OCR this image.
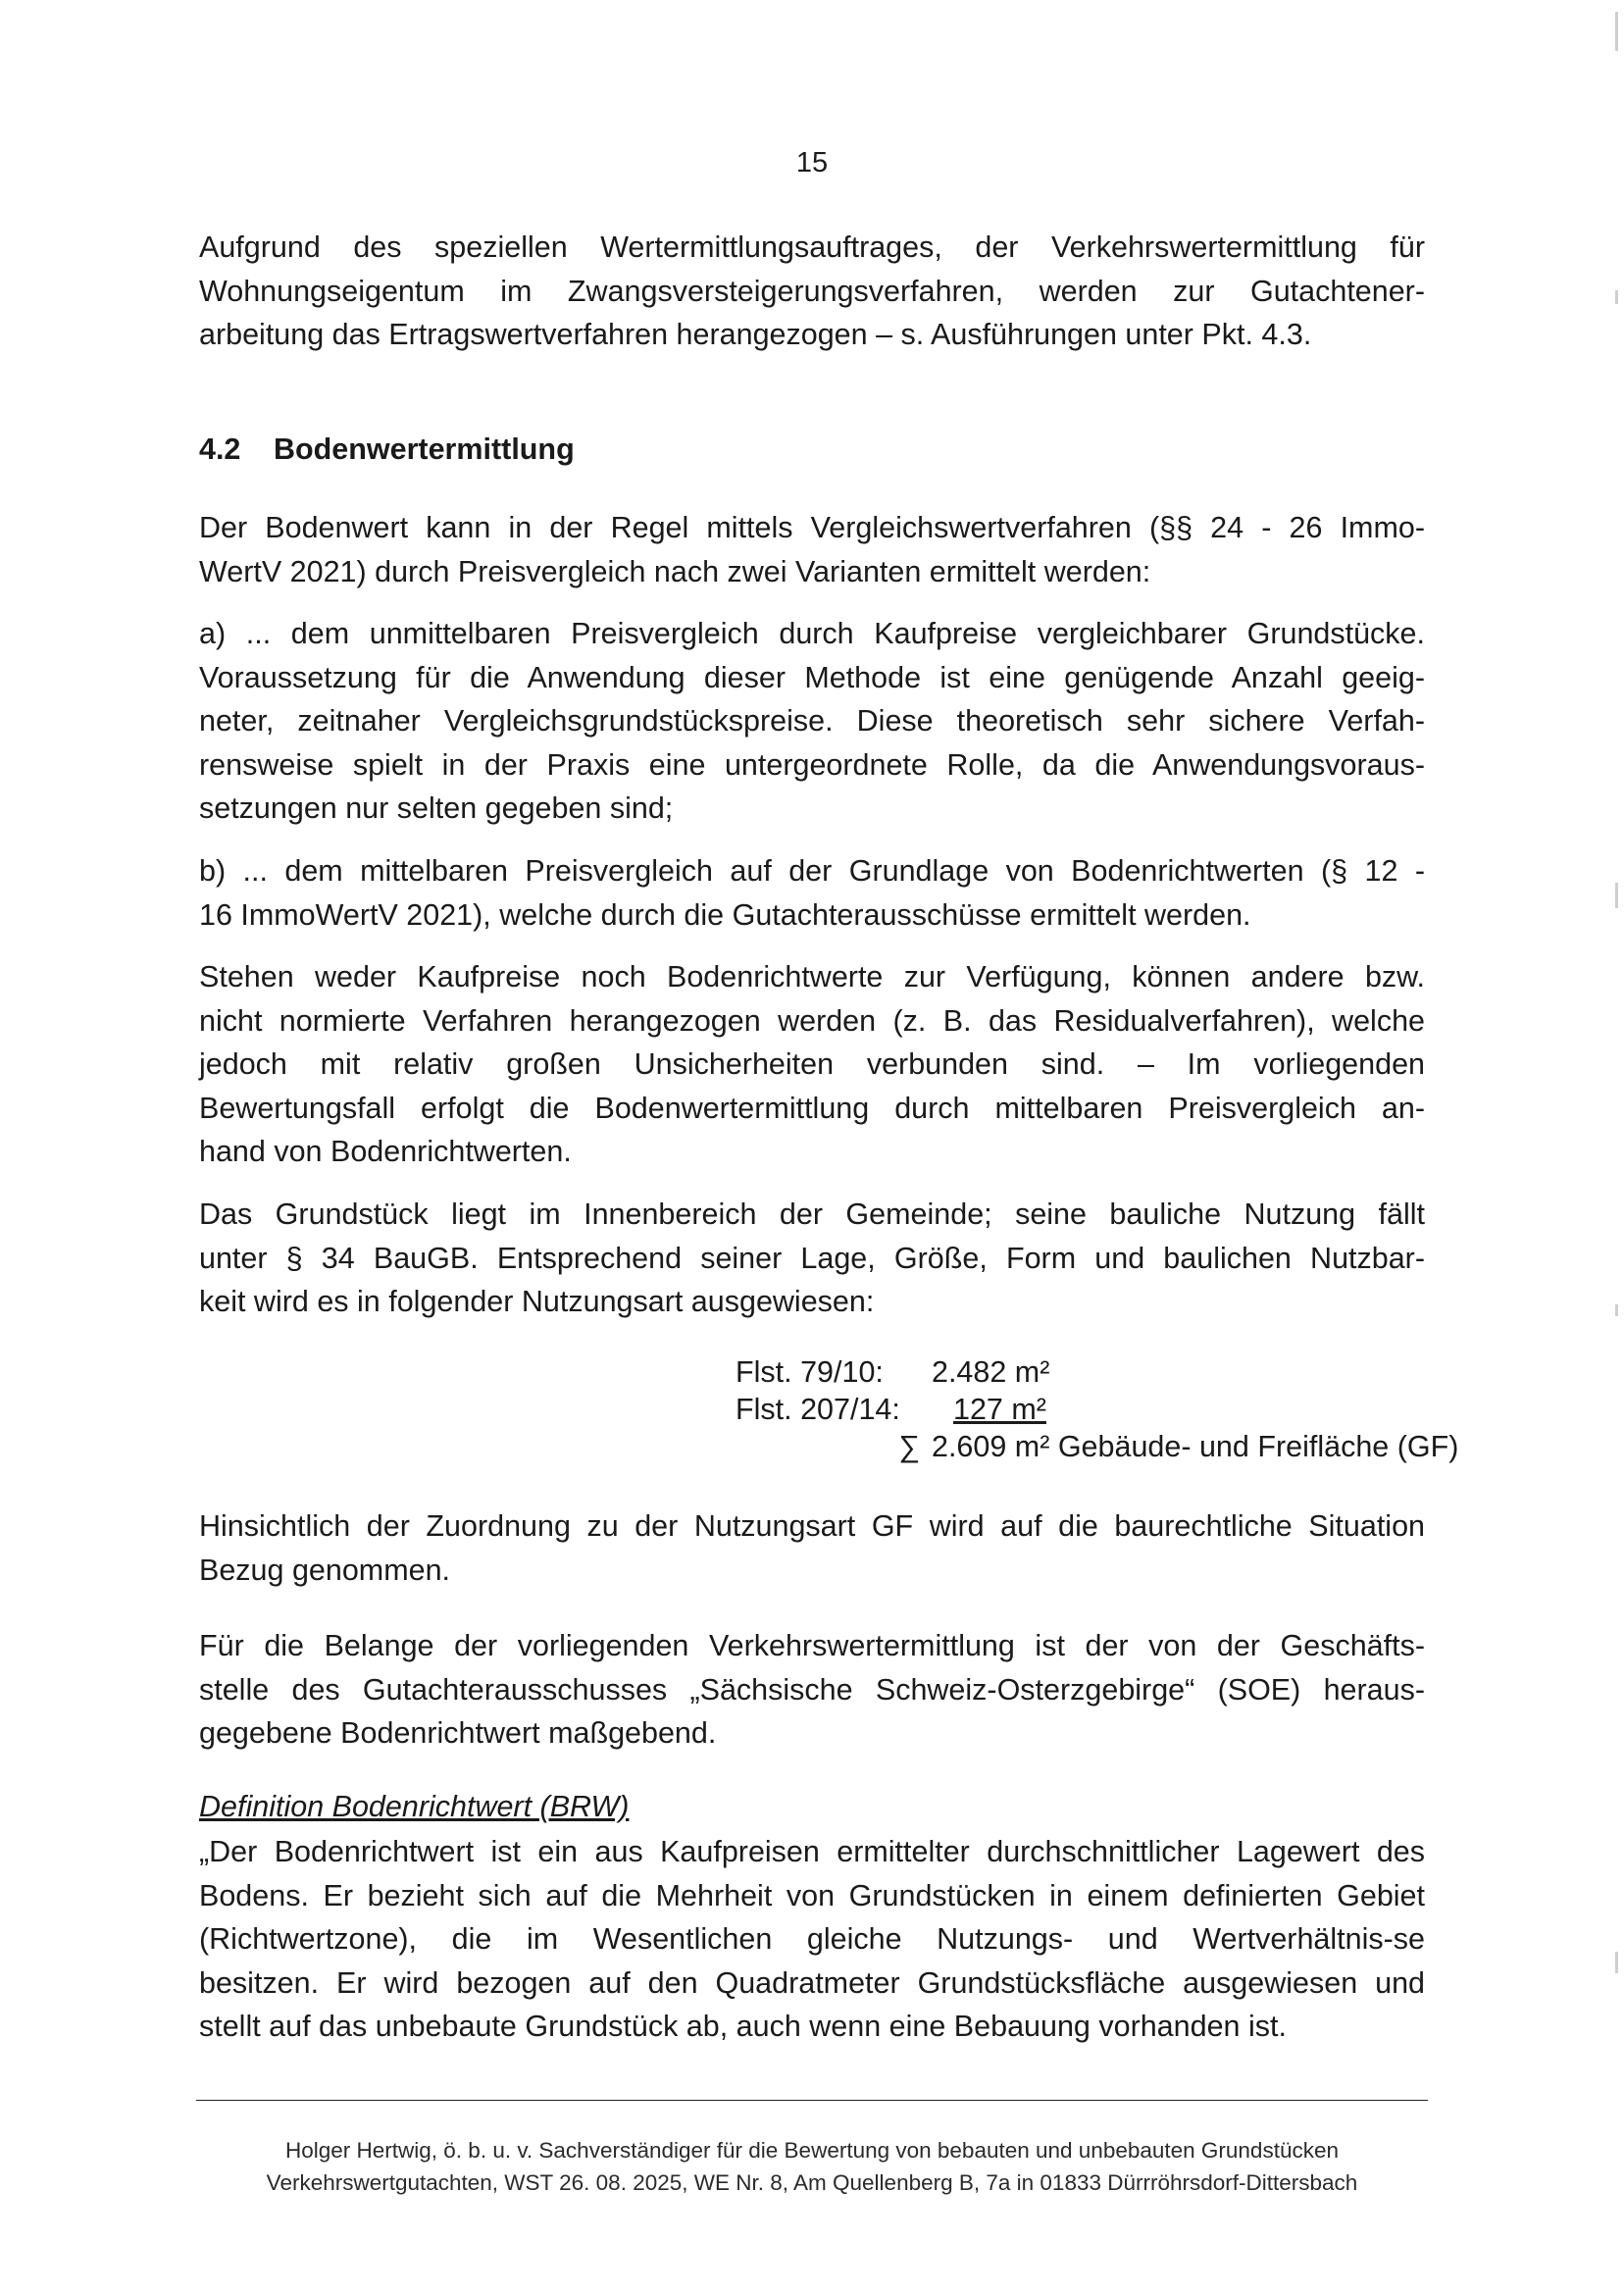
15

Aufgrund des speziellen Wertermittlungsauftrages, der Verkehrswertermittlung für
Wohnungseigentum im Zwangsversteigerungsverfahren, werden zur Gutachtener-
arbeitung das Ertragswertverfahren herangezogen – s. Ausführungen unter Pkt. 4.3.

4.2 Bodenwertermittlung

Der Bodenwert kann in der Regel mittels Vergleichswertverfahren (§§ 24 - 26 Immo-
WertV 2021) durch Preisvergleich nach zwei Varianten ermittelt werden:

a) ... dem unmittelbaren Preisvergleich durch Kaufpreise vergleichbarer Grundstücke.
Voraussetzung für die Anwendung dieser Methode ist eine genügende Anzahl geeig-
neter, zeitnaher Vergleichsgrundstückspreise. Diese theoretisch sehr sichere Verfah-
rensweise spielt in der Praxis eine untergeordnete Rolle, da die Anwendungsvoraus-
setzungen nur selten gegeben sind;

b) ... dem mittelbaren Preisvergleich auf der Grundlage von Bodenrichtwerten (§ 12 -
16 ImmoWertV 2021), welche durch die Gutachterausschüsse ermittelt werden.

Stehen weder Kaufpreise noch Bodenrichtwerte zur Verfügung, können andere bzw.
nicht normierte Verfahren herangezogen werden (z. B. das Residualverfahren), welche
jedoch mit relativ großen Unsicherheiten verbunden sind. – Im vorliegenden
Bewertungsfall erfolgt die Bodenwertermittlung durch mittelbaren Preisvergleich an-
hand von Bodenrichtwerten.

Das Grundstück liegt im Innenbereich der Gemeinde; seine bauliche Nutzung fällt
unter § 34 BauGB. Entsprechend seiner Lage, Größe, Form und baulichen Nutzbar-
keit wird es in folgender Nutzungsart ausgewiesen:

Flst. 79/10: 2.482 m²
Flst. 207/14: 127 m²
∑ 2.609 m² Gebäude- und Freifläche (GF)

Hinsichtlich der Zuordnung zu der Nutzungsart GF wird auf die baurechtliche Situation
Bezug genommen.

Für die Belange der vorliegenden Verkehrswertermittlung ist der von der Geschäfts-
stelle des Gutachterausschusses „Sächsische Schweiz-Osterzgebirge“ (SOE) heraus-
gegebene Bodenrichtwert maßgebend.

Definition Bodenrichtwert (BRW)

„Der Bodenrichtwert ist ein aus Kaufpreisen ermittelter durchschnittlicher Lagewert des
Bodens. Er bezieht sich auf die Mehrheit von Grundstücken in einem definierten Gebiet
(Richtwertzone), die im Wesentlichen gleiche Nutzungs- und Wertverhältnis-se
besitzen. Er wird bezogen auf den Quadratmeter Grundstücksfläche ausgewiesen und
stellt auf das unbebaute Grundstück ab, auch wenn eine Bebauung vorhanden ist.

Holger Hertwig, ö. b. u. v. Sachverständiger für die Bewertung von bebauten und unbebauten Grundstücken
Verkehrswertgutachten, WST 26. 08. 2025, WE Nr. 8, Am Quellenberg B, 7a in 01833 Dürrröhrsdorf-Dittersbach
